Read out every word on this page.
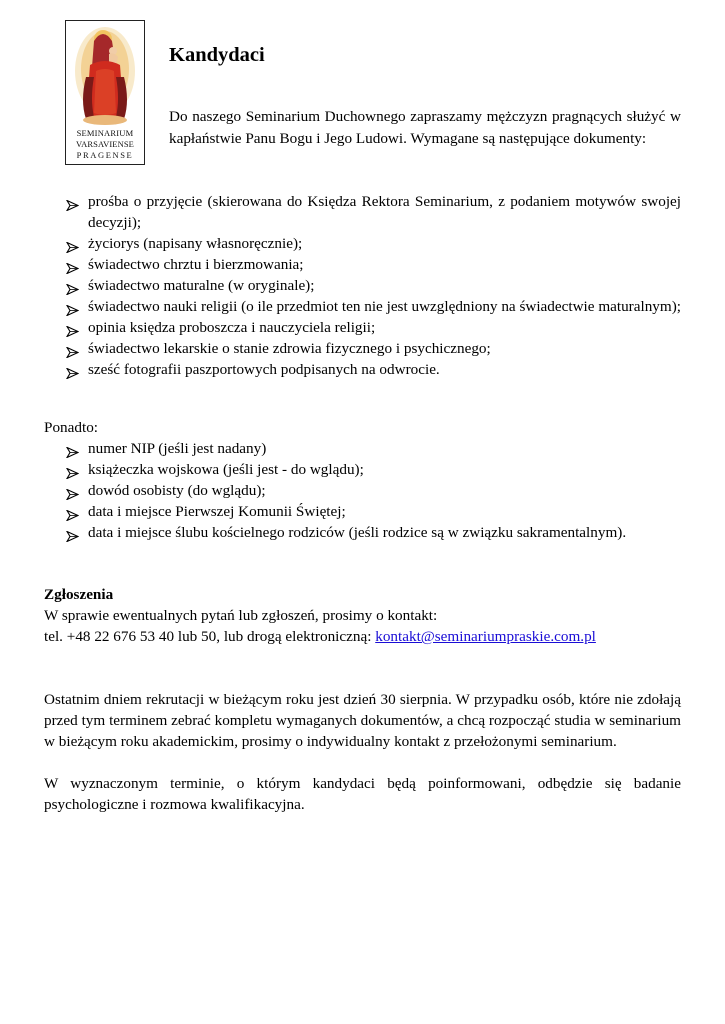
SEMINARIUM
VARSAVIENSE
PRAGENSE
Kandydaci

Do naszego Seminarium Duchownego zapraszamy mężczyzn pragnących służyć w kapłaństwie Panu Bogu i Jego Ludowi. Wymagane są następujące dokumenty:

prośba o przyjęcie (skierowana do Księdza Rektora Seminarium, z podaniem motywów swojej decyzji);
życiorys (napisany własnoręcznie);
świadectwo chrztu i bierzmowania;
świadectwo maturalne (w oryginale);
świadectwo nauki religii (o ile przedmiot ten nie jest uwzględniony na świadectwie maturalnym);
opinia księdza proboszcza i nauczyciela religii;
świadectwo lekarskie o stanie zdrowia fizycznego i psychicznego;
sześć fotografii paszportowych podpisanych na odwrocie.

Ponadto:

numer NIP (jeśli jest nadany)
książeczka wojskowa (jeśli jest - do wglądu);
dowód osobisty (do wglądu);
data i miejsce Pierwszej Komunii Świętej;
data i miejsce ślubu kościelnego rodziców (jeśli rodzice są w związku sakramentalnym).

Zgłoszenia

W sprawie ewentualnych pytań lub zgłoszeń, prosimy o kontakt:

tel. +48 22 676 53 40 lub 50, lub drogą elektroniczną: kontakt@seminariumpraskie.com.pl

Ostatnim dniem rekrutacji w bieżącym roku jest dzień 30 sierpnia. W przypadku osób, które nie zdołają przed tym terminem zebrać kompletu wymaganych dokumentów, a chcą rozpocząć studia w seminarium w bieżącym roku akademickim, prosimy o indywidualny kontakt z przełożonymi seminarium.

W wyznaczonym terminie, o którym kandydaci będą poinformowani, odbędzie się badanie psychologiczne i rozmowa kwalifikacyjna.
